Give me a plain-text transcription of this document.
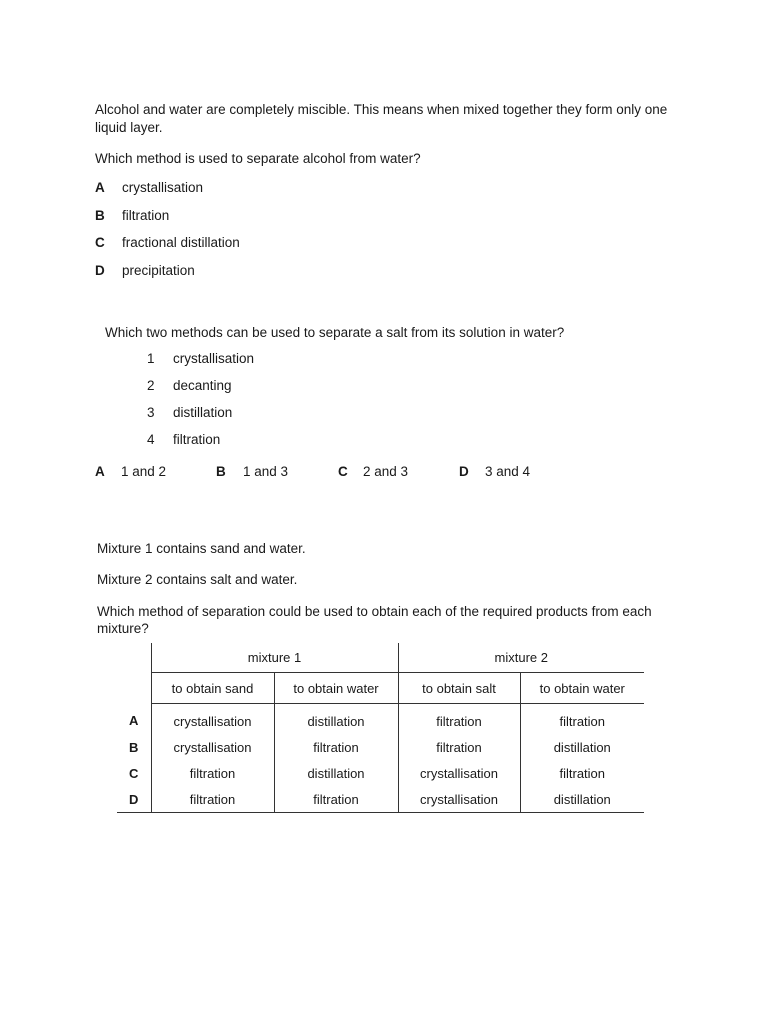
Alcohol and water are completely miscible. This means when mixed together they form only one
liquid layer.
Which method is used to separate alcohol from water?
A crystallisation
B filtration
C fractional distillation
D precipitation
Which two methods can be used to separate a salt from its solution in water?
1 crystallisation
2 decanting
3 distillation
4 filtration
A 1 and 2	B 1 and 3	C 2 and 3	D 3 and 4
Mixture 1 contains sand and water.
Mixture 2 contains salt and water.
Which method of separation could be used to obtain each of the required products from each
mixture?
	mixture 1		mixture 2	
	to obtain sand	to obtain water	to obtain salt	to obtain water
A	crystallisation	distillation	filtration	filtration
B	crystallisation	filtration	filtration	distillation
C	filtration	distillation	crystallisation	filtration
D	filtration	filtration	crystallisation	distillation
